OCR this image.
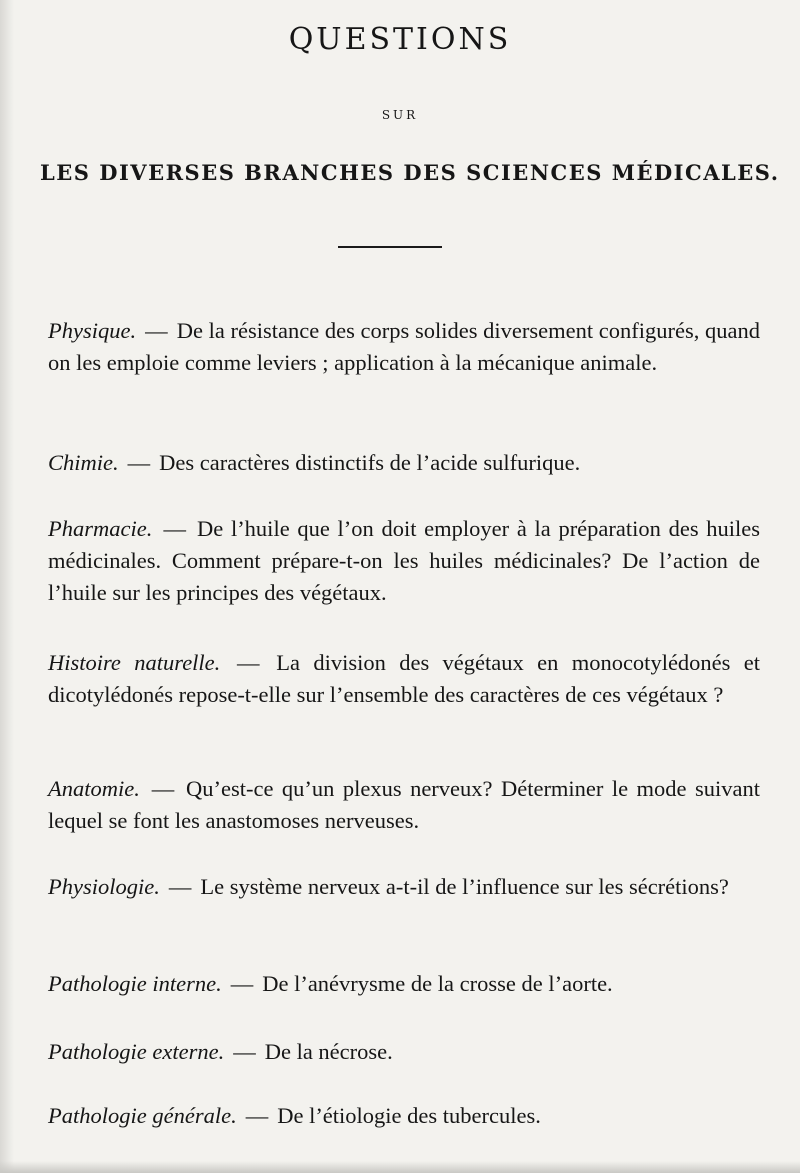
QUESTIONS
SUR
LES DIVERSES BRANCHES DES SCIENCES MÉDICALES.
Physique. — De la résistance des corps solides diversement configurés, quand on les emploie comme leviers ; application à la mécanique animale.
Chimie. — Des caractères distinctifs de l’acide sulfurique.
Pharmacie. — De l’huile que l’on doit employer à la préparation des huiles médicinales. Comment prépare-t-on les huiles médicinales? De l’action de l’huile sur les principes des végétaux.
Histoire naturelle. — La division des végétaux en monocotylédonés et dicotylédonés repose-t-elle sur l’ensemble des caractères de ces végétaux ?
Anatomie. — Qu’est-ce qu’un plexus nerveux? Déterminer le mode suivant lequel se font les anastomoses nerveuses.
Physiologie. — Le système nerveux a-t-il de l’influence sur les sécrétions?
Pathologie interne. — De l’anévrysme de la crosse de l’aorte.
Pathologie externe. — De la nécrose.
Pathologie générale. — De l’étiologie des tubercules.
